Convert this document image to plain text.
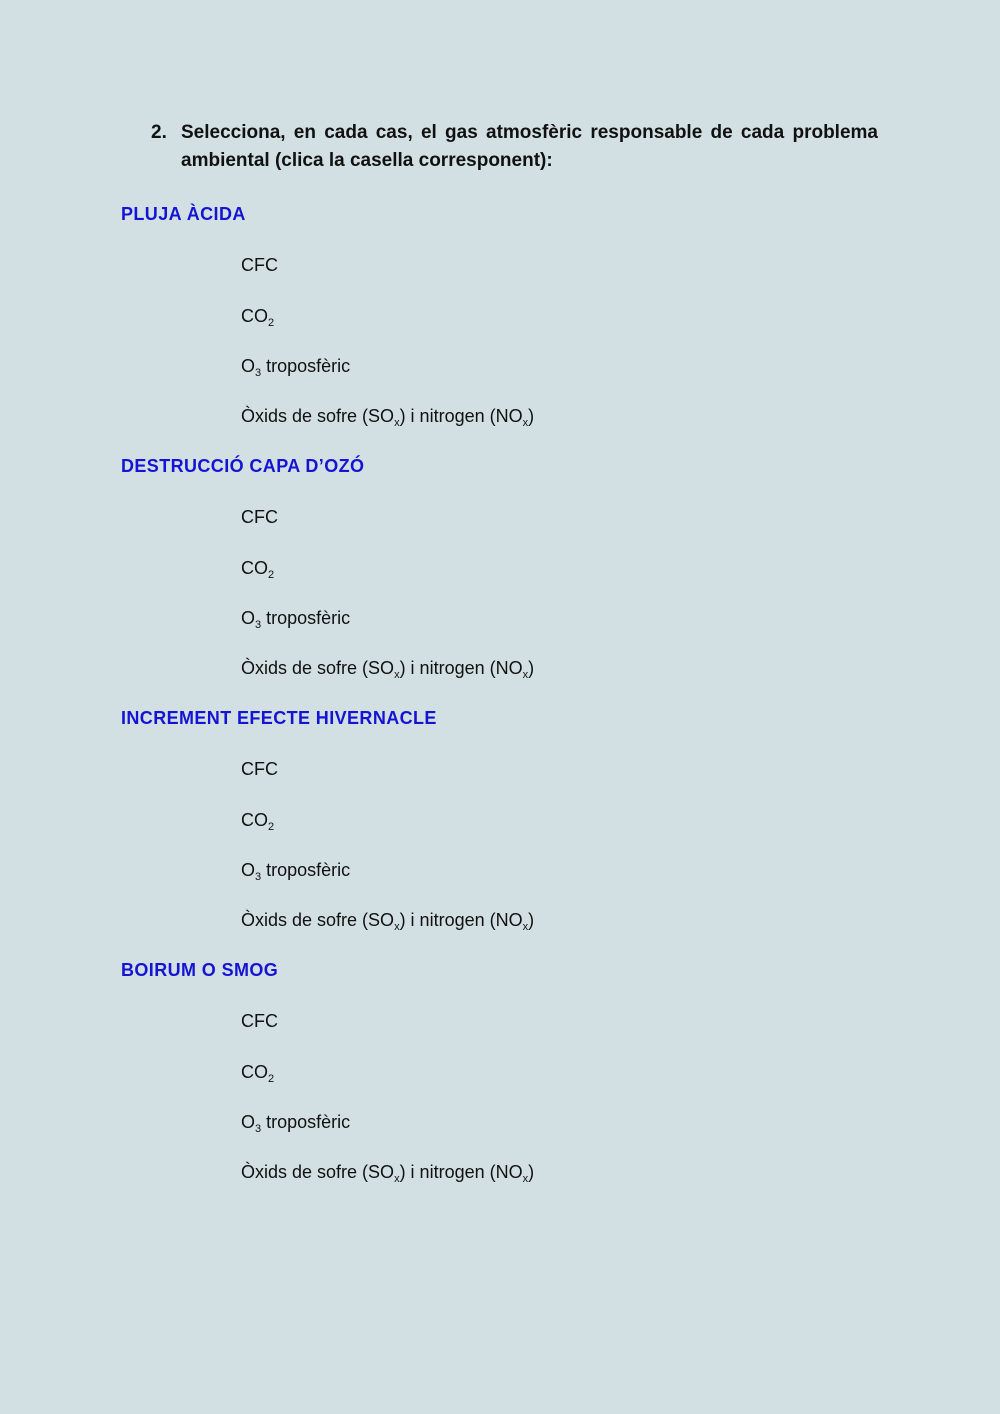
2. Selecciona, en cada cas, el gas atmosfèric responsable de cada problema ambiental (clica la casella corresponent):
PLUJA ÀCIDA
CFC
$CO_2$
$O_3$ troposfèric
Òxids de sofre $(SO_x)$ i nitrogen $(NO_x)$
DESTRUCCIÓ CAPA D’OZÓ
CFC
$CO_2$
$O_3$ troposfèric
Òxids de sofre $(SO_x)$ i nitrogen $(NO_x)$
INCREMENT EFECTE HIVERNACLE
CFC
$CO_2$
$O_3$ troposfèric
Òxids de sofre $(SO_x)$ i nitrogen $(NO_x)$
BOIRUM O SMOG
CFC
$CO_2$
$O_3$ troposfèric
Òxids de sofre $(SO_x)$ i nitrogen $(NO_x)$
